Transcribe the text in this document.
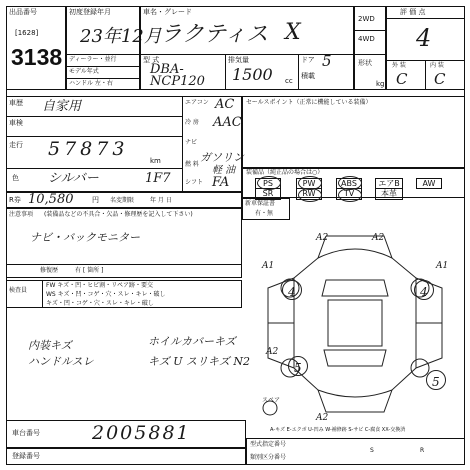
出品番号
[1628]
3138
初度登録年月
23年12月
ディーラー・並行
モデル年式
ハンドル 左・右
車名・グレード
ラクティス X
型 式
DBA-NCP120
排気量
1500 cc
ドア 5
積載
2WD
4WD
形状
kg
評 価 点
4
外 装	内 装
C C
車歴 自家用
車検
走行 57873
km
色 シルバー	1F7
エアコン AC
冷 房 AAC
ナビ
ガソリン
燃 料
軽 油
シフト FA
セールスポイント（正常に機能している装備）
装備品（純正品の場合は○）
PS	PW	ABS	エアB	AW
SR	RW	TV	本革
R券 10,580	円 名変期限	年 月 日	新車保証書
有・無
注意事項 (装備品などの不具合・欠品・修理歴を記入して下さい)
ナビ・バックモニター
修復歴	有 [ 箇所 ]
検査員
FW キズ・凹・ヒビ割・リペア跡・要交
WS キズ・凹・コゲ・穴・スレ・キレ・破し
キズ・凹・コゲ・穴・スレ・キレ・破し
内装キズ
ハンドルスレ
ホイルカバーキズ
キズ U スリキズ N2
A2	A2
A1
4	4
A1
A2
5
5
A2
スペア
A-キズ E-エクボ U-凹み W-補修跡 S-サビ C-腐食 XX-交換済
車台番号	2005881
登録番号
型式指定番号
類別区分番号
S	R
